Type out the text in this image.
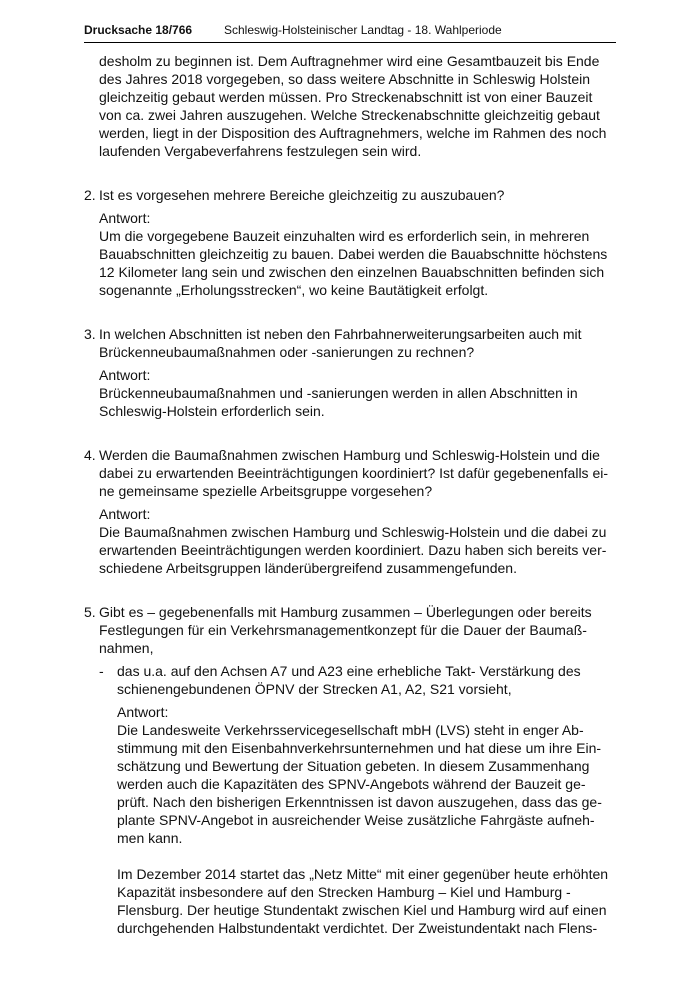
Drucksache 18/766	Schleswig-Holsteinischer Landtag - 18. Wahlperiode
desholm zu beginnen ist. Dem Auftragnehmer wird eine Gesamtbauzeit bis Ende
des Jahres 2018 vorgegeben, so dass weitere Abschnitte in Schleswig Holstein
gleichzeitig gebaut werden müssen. Pro Streckenabschnitt ist von einer Bauzeit
von ca. zwei Jahren auszugehen. Welche Streckenabschnitte gleichzeitig gebaut
werden, liegt in der Disposition des Auftragnehmers, welche im Rahmen des noch
laufenden Vergabeverfahrens festzulegen sein wird.
2. Ist es vorgesehen mehrere Bereiche gleichzeitig zu auszubauen?
Antwort:
Um die vorgegebene Bauzeit einzuhalten wird es erforderlich sein, in mehreren
Bauabschnitten gleichzeitig zu bauen. Dabei werden die Bauabschnitte höchstens
12 Kilometer lang sein und zwischen den einzelnen Bauabschnitten befinden sich
sogenannte „Erholungsstrecken“, wo keine Bautätigkeit erfolgt.
3. In welchen Abschnitten ist neben den Fahrbahnerweiterungsarbeiten auch mit
Brückenneubaumaßnahmen oder -sanierungen zu rechnen?
Antwort:
Brückenneubaumaßnahmen und -sanierungen werden in allen Abschnitten in
Schleswig-Holstein erforderlich sein.
4. Werden die Baumaßnahmen zwischen Hamburg und Schleswig-Holstein und die
dabei zu erwartenden Beeinträchtigungen koordiniert? Ist dafür gegebenenfalls ei-
ne gemeinsame spezielle Arbeitsgruppe vorgesehen?
Antwort:
Die Baumaßnahmen zwischen Hamburg und Schleswig-Holstein und die dabei zu
erwartenden Beeinträchtigungen werden koordiniert. Dazu haben sich bereits ver-
schiedene Arbeitsgruppen länderübergreifend zusammengefunden.
5. Gibt es – gegebenenfalls mit Hamburg zusammen – Überlegungen oder bereits
Festlegungen für ein Verkehrsmanagementkonzept für die Dauer der Baumaß-
nahmen,
- das u.a. auf den Achsen A7 und A23 eine erhebliche Takt- Verstärkung des
schienengebundenen ÖPNV der Strecken A1, A2, S21 vorsieht,
Antwort:
Die Landesweite Verkehrsservicegesellschaft mbH (LVS) steht in enger Ab-
stimmung mit den Eisenbahnverkehrsunternehmen und hat diese um ihre Ein-
schätzung und Bewertung der Situation gebeten. In diesem Zusammenhang
werden auch die Kapazitäten des SPNV-Angebots während der Bauzeit ge-
prüft. Nach den bisherigen Erkenntnissen ist davon auszugehen, dass das ge-
plante SPNV-Angebot in ausreichender Weise zusätzliche Fahrgäste aufneh-
men kann.
Im Dezember 2014 startet das „Netz Mitte“ mit einer gegenüber heute erhöhten
Kapazität insbesondere auf den Strecken Hamburg – Kiel und Hamburg -
Flensburg. Der heutige Stundentakt zwischen Kiel und Hamburg wird auf einen
durchgehenden Halbstundentakt verdichtet. Der Zweistundentakt nach Flens-
